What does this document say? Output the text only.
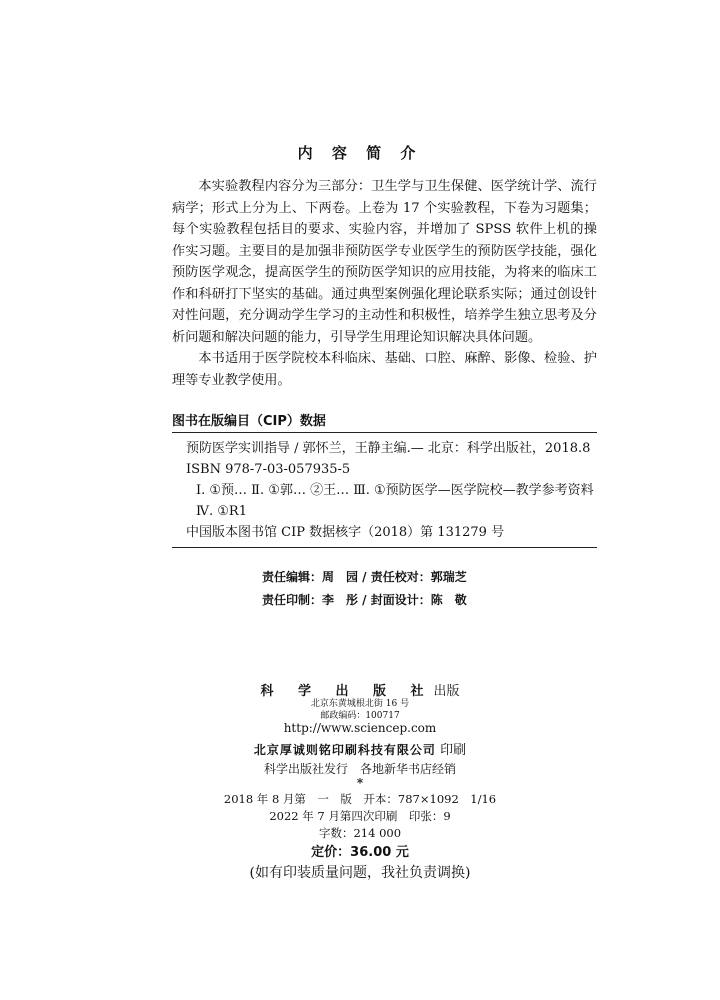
内 容 简 介

本实验教程内容分为三部分：卫生学与卫生保健、医学统计学、流行病学；形式上分为上、下两卷。上卷为 17 个实验教程，下卷为习题集；每个实验教程包括目的要求、实验内容，并增加了 SPSS 软件上机的操作实习题。主要目的是加强非预防医学专业医学生的预防医学技能，强化预防医学观念，提高医学生的预防医学知识的应用技能，为将来的临床工作和科研打下坚实的基础。通过典型案例强化理论联系实际；通过创设针对性问题，充分调动学生学习的主动性和积极性，培养学生独立思考及分析问题和解决问题的能力，引导学生用理论知识解决具体问题。

本书适用于医学院校本科临床、基础、口腔、麻醉、影像、检验、护理等专业教学使用。

图书在版编目（CIP）数据
预防医学实训指导 / 郭怀兰，王静主编.— 北京：科学出版社，2018.8
ISBN 978-7-03-057935-5
Ⅰ. ①预… Ⅱ. ①郭… ②王… Ⅲ. ①预防医学—医学院校—教学参考资料 Ⅳ. ①R1
中国版本图书馆 CIP 数据核字（2018）第 131279 号
责任编辑：周　园 / 责任校对：郭瑞芝
责任印制：李　彤 / 封面设计：陈　敬
科 学 出 版 社出版
北京东黄城根北街 16 号
邮政编码：100717
http://www.sciencep.com
北京厚诚则铭印刷科技有限公司 印刷
科学出版社发行　各地新华书店经销
*
2018 年 8 月第　一　版　开本：787×1092　1/16
2022 年 7 月第四次印刷　印张：9
字数：214 000
定价：36.00 元
(如有印装质量问题，我社负责调换)
